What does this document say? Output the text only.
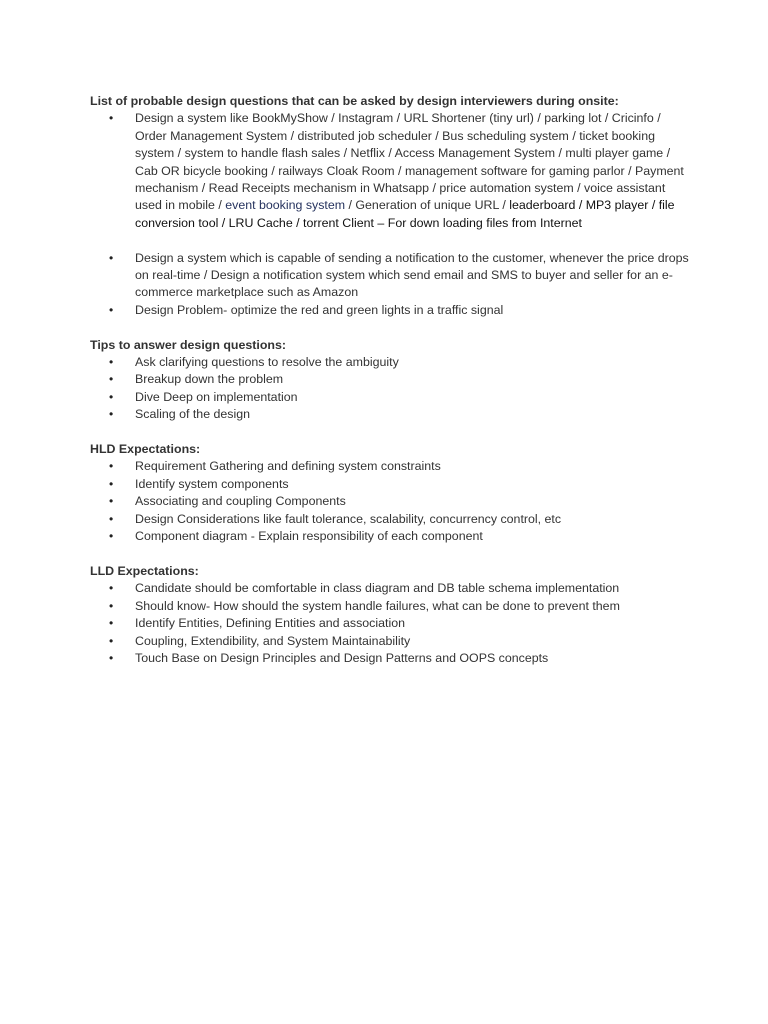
List of probable design questions that can be asked by design interviewers during onsite:

• Design a system like BookMyShow / Instagram / URL Shortener (tiny url) / parking lot / Cricinfo / Order Management System / distributed job scheduler / Bus scheduling system / ticket booking system / system to handle flash sales / Netflix / Access Management System / multi player game / Cab OR bicycle booking / railways Cloak Room / management software for gaming parlor / Payment mechanism / Read Receipts mechanism in Whatsapp / price automation system / voice assistant used in mobile / event booking system / Generation of unique URL / leaderboard / MP3 player / file conversion tool / LRU Cache / torrent Client – For down loading files from Internet
• Design a system which is capable of sending a notification to the customer, whenever the price drops on real-time / Design a notification system which send email and SMS to buyer and seller for an e-commerce marketplace such as Amazon
• Design Problem- optimize the red and green lights in a traffic signal

Tips to answer design questions:

• Ask clarifying questions to resolve the ambiguity
• Breakup down the problem
• Dive Deep on implementation
• Scaling of the design

HLD Expectations:

• Requirement Gathering and defining system constraints
• Identify system components
• Associating and coupling Components
• Design Considerations like fault tolerance, scalability, concurrency control, etc
• Component diagram - Explain responsibility of each component

LLD Expectations:

• Candidate should be comfortable in class diagram and DB table schema implementation
• Should know- How should the system handle failures, what can be done to prevent them
• Identify Entities, Defining Entities and association
• Coupling, Extendibility, and System Maintainability
• Touch Base on Design Principles and Design Patterns and OOPS concepts
